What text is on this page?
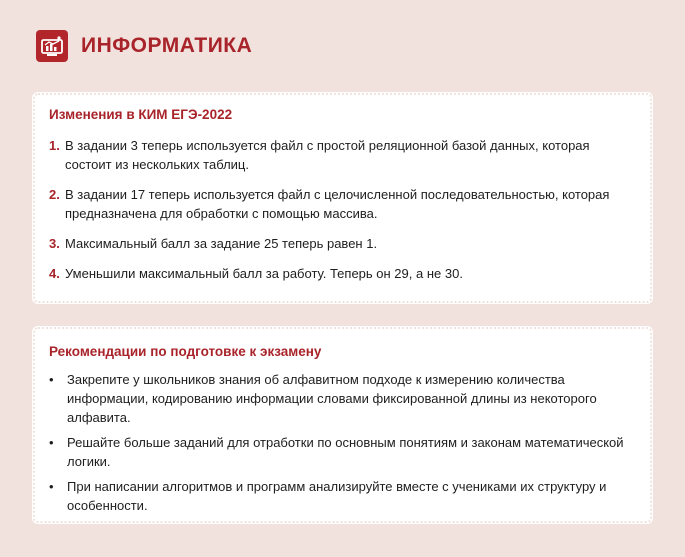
ИНФОРМАТИКА
Изменения в КИМ ЕГЭ-2022
1. В задании 3 теперь используется файл с простой реляционной базой данных, которая состоит из нескольких таблиц.
2. В задании 17 теперь используется файл с целочисленной последовательностью, которая предназначена для обработки с помощью массива.
3. Максимальный балл за задание 25 теперь равен 1.
4. Уменьшили максимальный балл за работу. Теперь он 29, а не 30.
Рекомендации по подготовке к экзамену
• Закрепите у школьников знания об алфавитном подходе к измерению количества информации, кодированию информации словами фиксированной длины из некоторого алфавита.
• Решайте больше заданий для отработки по основным понятиям и законам математической логики.
• При написании алгоритмов и программ анализируйте вместе с учениками их структуру и особенности.
